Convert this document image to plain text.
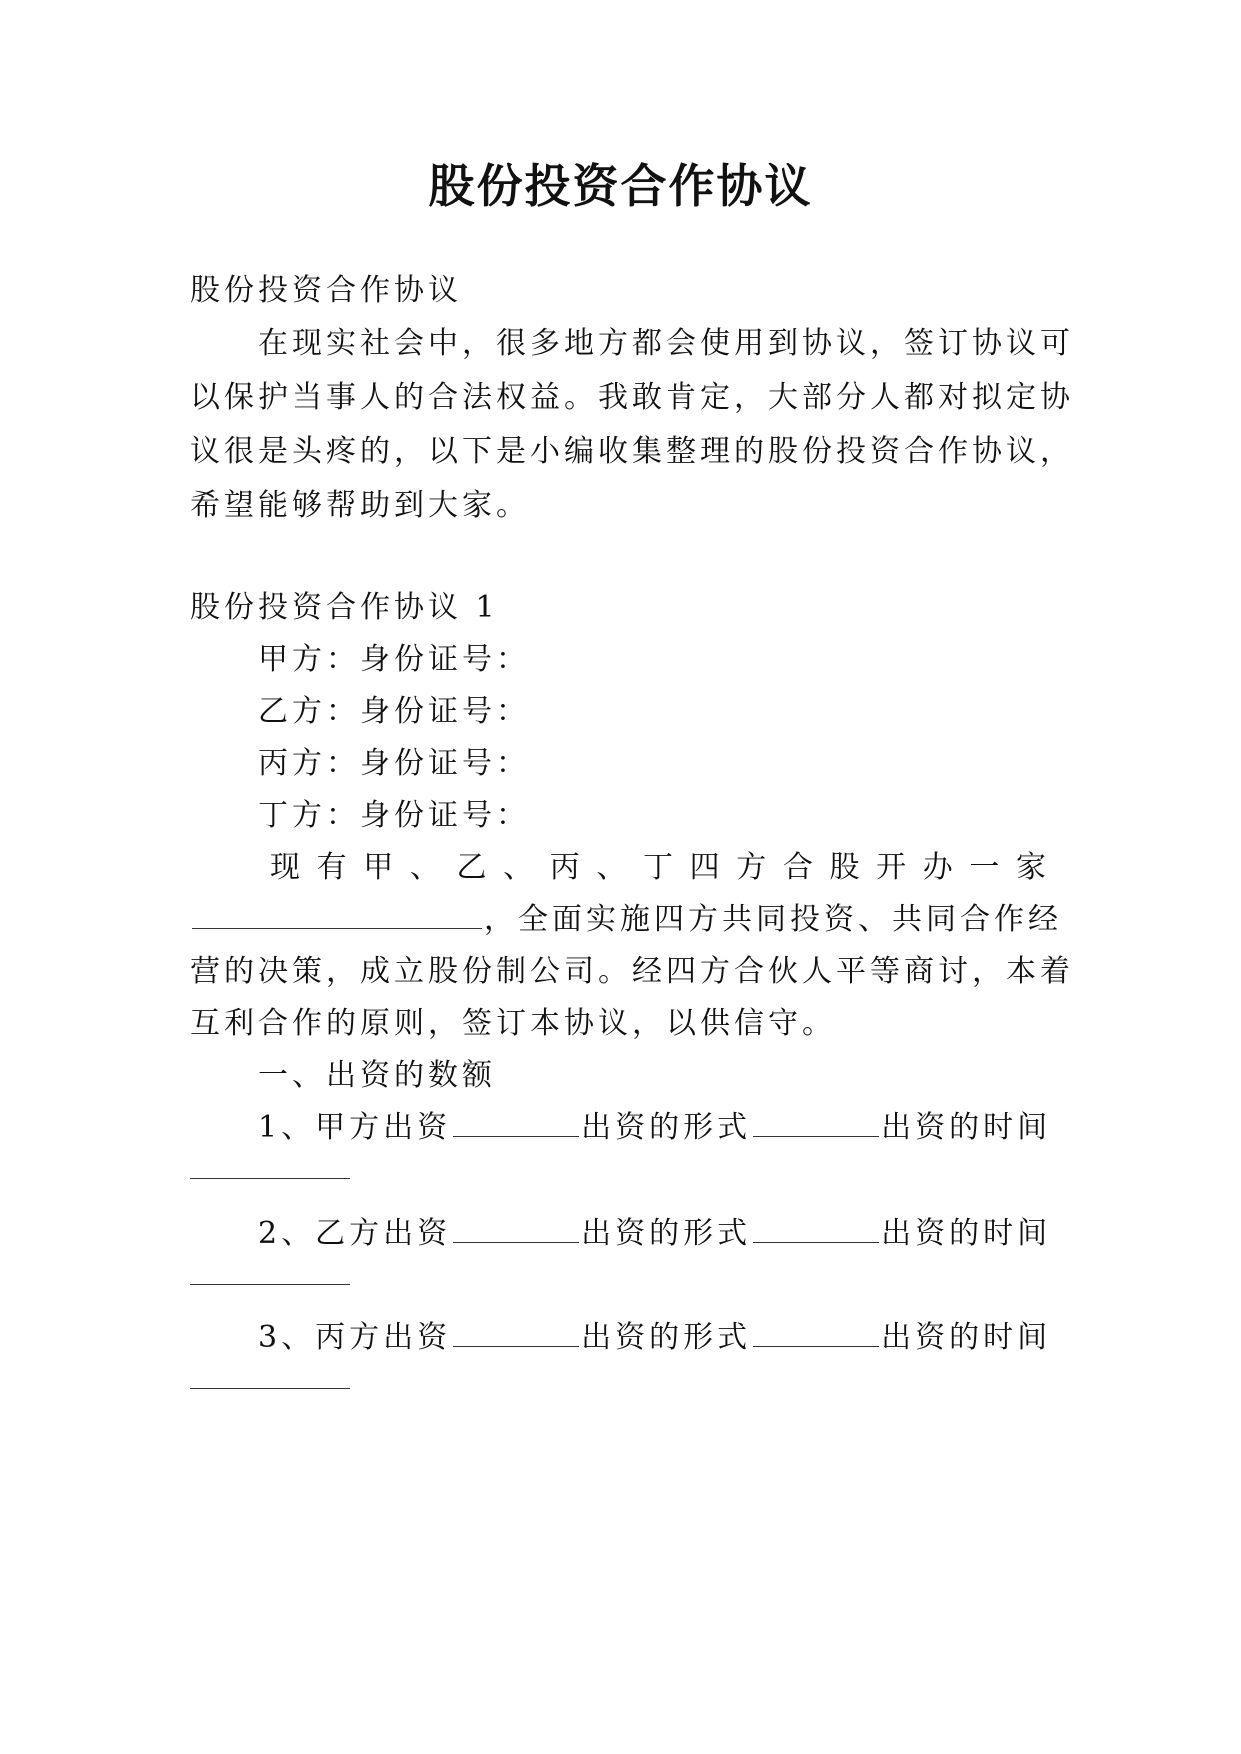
股份投资合作协议
股份投资合作协议
在现实社会中，很多地方都会使用到协议，签订协议可
以保护当事人的合法权益。我敢肯定，大部分人都对拟定协
议很是头疼的，以下是小编收集整理的股份投资合作协议，
希望能够帮助到大家。
股份投资合作协议 1
甲方：身份证号：
乙方：身份证号：
丙方：身份证号：
丁方：身份证号：
现 有 甲 、 乙 、 丙 、 丁 四 方 合 股 开 办 一 家
，全面实施四方共同投资、共同合作经
营的决策，成立股份制公司。经四方合伙人平等商讨，本着
互利合作的原则，签订本协议，以供信守。
一、出资的数额
1、甲方出资	出资的形式	出资的时间
2、乙方出资	出资的形式	出资的时间
3、丙方出资	出资的形式	出资的时间
